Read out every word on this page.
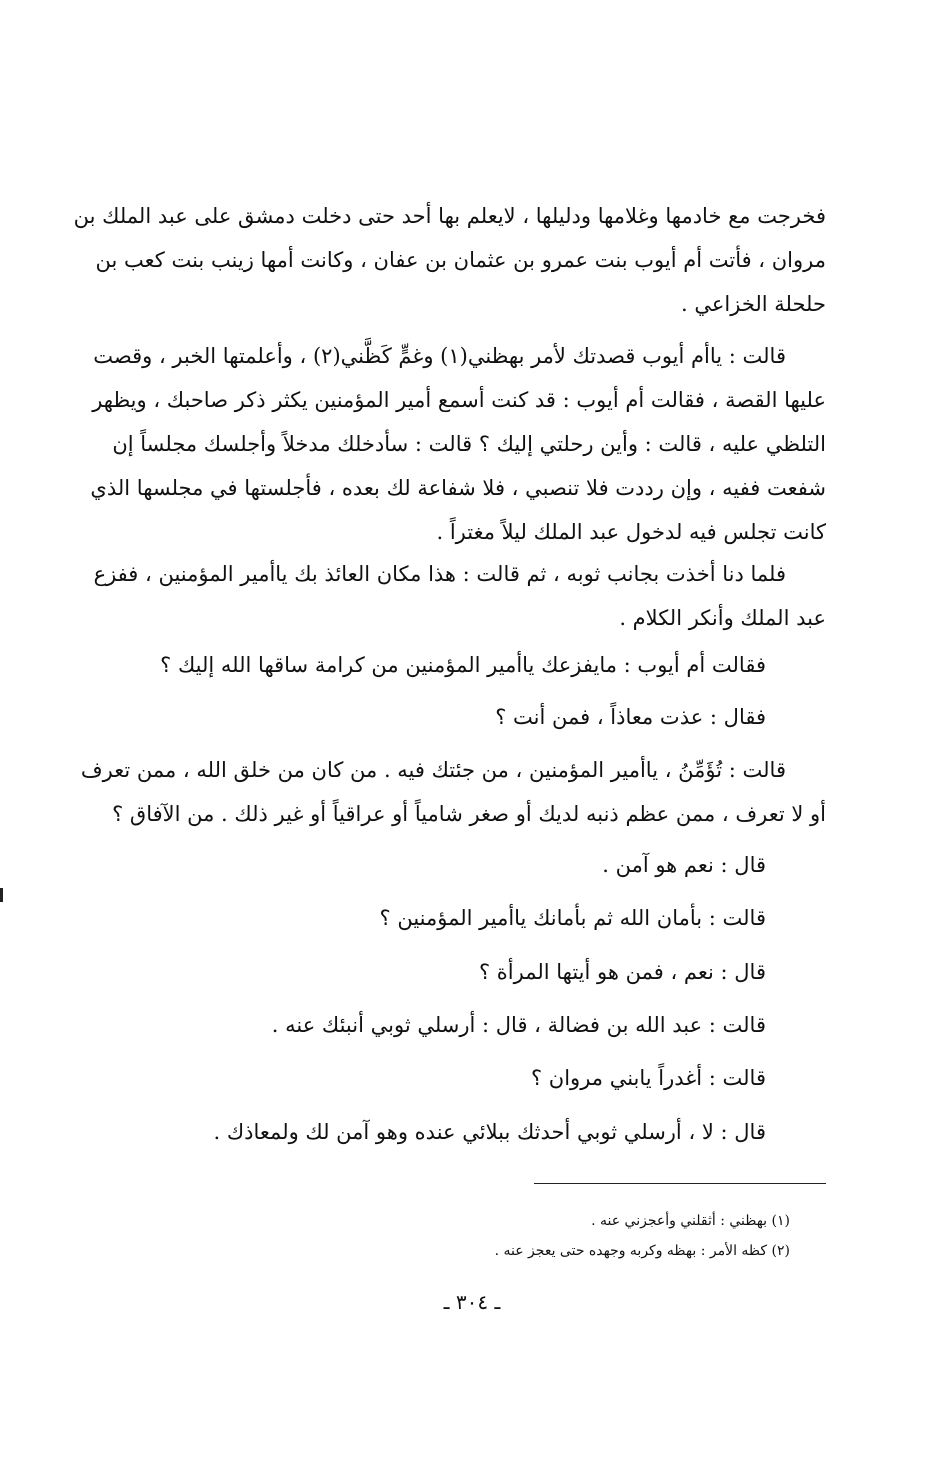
فخرجت مع خادمها وغلامها ودليلها ، لايعلم بها أحد حتى دخلت دمشق على عبد الملك بن
مروان ، فأتت أم أيوب بنت عمرو بن عثمان بن عفان ، وكانت أمها زينب بنت كعب بن
حلحلة الخزاعي .
قالت : ياأم أيوب قصدتك لأمر بهظني(١) وغمٍّ كَظَّني(٢) ، وأعلمتها الخبر ، وقصت
عليها القصة ، فقالت أم أيوب : قد كنت أسمع أمير المؤمنين يكثر ذكر صاحبك ، ويظهر
التلظي عليه ، قالت : وأين رحلتي إليك ؟ قالت : سأدخلك مدخلاً وأجلسك مجلساً إن
شفعت ففيه ، وإن رددت فلا تنصبي ، فلا شفاعة لك بعده ، فأجلستها في مجلسها الذي
كانت تجلس فيه لدخول عبد الملك ليلاً مغتراً .
فلما دنا أخذت بجانب ثوبه ، ثم قالت : هذا مكان العائذ بك ياأمير المؤمنين ، ففزع
عبد الملك وأنكر الكلام .
فقالت أم أيوب : مايفزعك ياأمير المؤمنين من كرامة ساقها الله إليك ؟
فقال : عذت معاذاً ، فمن أنت ؟
قالت : تُؤَمِّنُ ، ياأمير المؤمنين ، من جئتك فيه . من كان من خلق الله ، ممن تعرف
أو لا تعرف ، ممن عظم ذنبه لديك أو صغر شامياً أو عراقياً أو غير ذلك . من الآفاق ؟
قال : نعم هو آمن .
قالت : بأمان الله ثم بأمانك ياأمير المؤمنين ؟
قال : نعم ، فمن هو أيتها المرأة ؟
قالت : عبد الله بن فضالة ، قال : أرسلي ثوبي أنبئك عنه .
قالت : أغدراً يابني مروان ؟
قال : لا ، أرسلي ثوبي أحدثك ببلائي عنده وهو آمن لك ولمعاذك .
(١) بهظني : أثقلني وأعجزني عنه .
(٢) كظه الأمر : بهظه وكربه وجهده حتى يعجز عنه .
ـ ٣٠٤ ـ
